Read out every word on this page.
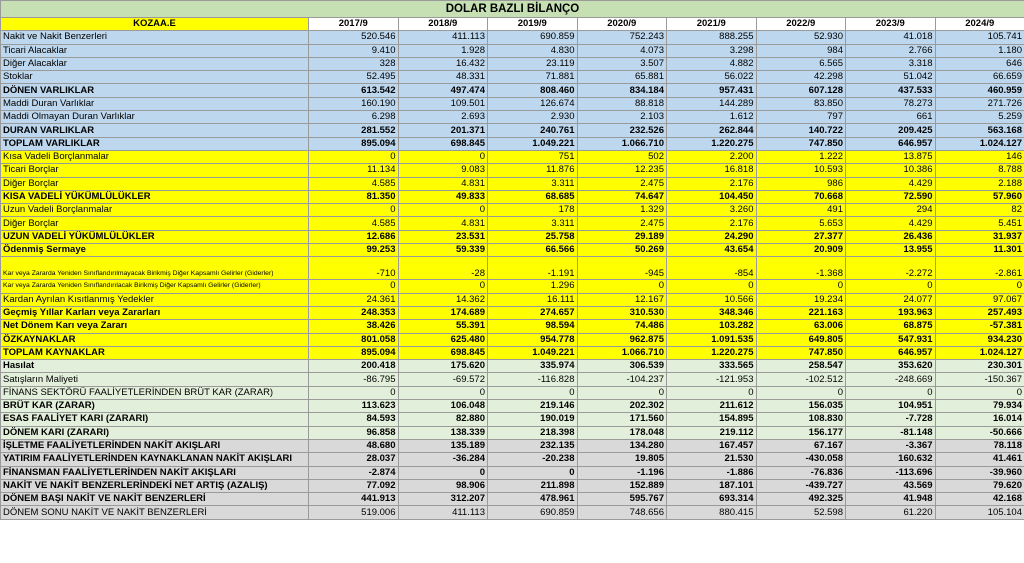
DOLAR BAZLI BİLANÇO								
KOZAA.E	2017/9	2018/9	2019/9	2020/9	2021/9	2022/9	2023/9	2024/9
Nakit ve Nakit Benzerleri	520.546	411.113	690.859	752.243	888.255	52.930	41.018	105.741
Ticari Alacaklar	9.410	1.928	4.830	4.073	3.298	984	2.766	1.180
Diğer Alacaklar	328	16.432	23.119	3.507	4.882	6.565	3.318	646
Stoklar	52.495	48.331	71.881	65.881	56.022	42.298	51.042	66.659
DÖNEN VARLIKLAR	613.542	497.474	808.460	834.184	957.431	607.128	437.533	460.959
Maddi Duran Varlıklar	160.190	109.501	126.674	88.818	144.289	83.850	78.273	271.726
Maddi Olmayan Duran Varlıklar	6.298	2.693	2.930	2.103	1.612	797	661	5.259
DURAN VARLIKLAR	281.552	201.371	240.761	232.526	262.844	140.722	209.425	563.168
TOPLAM VARLIKLAR	895.094	698.845	1.049.221	1.066.710	1.220.275	747.850	646.957	1.024.127
Kısa Vadeli Borçlanmalar	0	0	751	502	2.200	1.222	13.875	146
Ticari Borçlar	11.134	9.083	11.876	12.235	16.818	10.593	10.386	8.788
Diğer Borçlar	4.585	4.831	3.311	2.475	2.176	986	4.429	2.188
KISA VADELİ YÜKÜMLÜLÜKLER	81.350	49.833	68.685	74.647	104.450	70.668	72.590	57.960
Uzun Vadeli Borçlanmalar	0	0	178	1.329	3.260	491	294	82
Diğer Borçlar	4.585	4.831	3.311	2.475	2.176	5.653	4.429	5.451
UZUN VADELİ YÜKÜMLÜLÜKLER	12.686	23.531	25.758	29.189	24.290	27.377	26.436	31.937
Ödenmiş Sermaye	99.253	59.339	66.566	50.269	43.654	20.909	13.955	11.301
Kar veya Zararda Yeniden Sınıflandırılmayacak Birikmiş Diğer Kapsamlı Gelirler (Giderler)	-710	-28	-1.191	-945	-854	-1.368	-2.272	-2.861
Kar veya Zararda Yeniden Sınıflandırılacak Birikmiş Diğer Kapsamlı Gelirler (Giderler)	0	0	1.296	0	0	0	0	0
Kardan Ayrılan Kısıtlanmış Yedekler	24.361	14.362	16.111	12.167	10.566	19.234	24.077	97.067
Geçmiş Yıllar Karları veya Zararları	248.353	174.689	274.657	310.530	348.346	221.163	193.963	257.493
Net Dönem Karı veya Zararı	38.426	55.391	98.594	74.486	103.282	63.006	68.875	-57.381
ÖZKAYNAKLAR	801.058	625.480	954.778	962.875	1.091.535	649.805	547.931	934.230
TOPLAM KAYNAKLAR	895.094	698.845	1.049.221	1.066.710	1.220.275	747.850	646.957	1.024.127
Hasılat	200.418	175.620	335.974	306.539	333.565	258.547	353.620	230.301
Satışların Maliyeti	-86.795	-69.572	-116.828	-104.237	-121.953	-102.512	-248.669	-150.367
FİNANS SEKTÖRÜ FAALİYETLERİNDEN BRÜT KAR (ZARAR)	0	0	0	0	0	0	0	0
BRÜT KAR (ZARAR)	113.623	106.048	219.146	202.302	211.612	156.035	104.951	79.934
ESAS FAALİYET KARI (ZARARI)	84.593	82.880	190.019	171.560	154.895	108.830	-7.728	16.014
DÖNEM KARI (ZARARI)	96.858	138.339	218.398	178.048	219.112	156.177	-81.148	-50.666
İŞLETME FAALİYETLERİNDEN NAKİT AKIŞLARI	48.680	135.189	232.135	134.280	167.457	67.167	-3.367	78.118
YATIRIM FAALİYETLERİNDEN KAYNAKLANAN NAKİT AKIŞLARI	28.037	-36.284	-20.238	19.805	21.530	-430.058	160.632	41.461
FİNANSMAN FAALİYETLERİNDEN NAKİT AKIŞLARI	-2.874	0	0	-1.196	-1.886	-76.836	-113.696	-39.960
NAKİT VE NAKİT BENZERLERİNDEKİ NET ARTIŞ (AZALIŞ)	77.092	98.906	211.898	152.889	187.101	-439.727	43.569	79.620
DÖNEM BAŞI NAKİT VE NAKİT BENZERLERİ	441.913	312.207	478.961	595.767	693.314	492.325	41.948	42.168
DÖNEM SONU NAKİT VE NAKİT BENZERLERİ	519.006	411.113	690.859	748.656	880.415	52.598	61.220	105.104
